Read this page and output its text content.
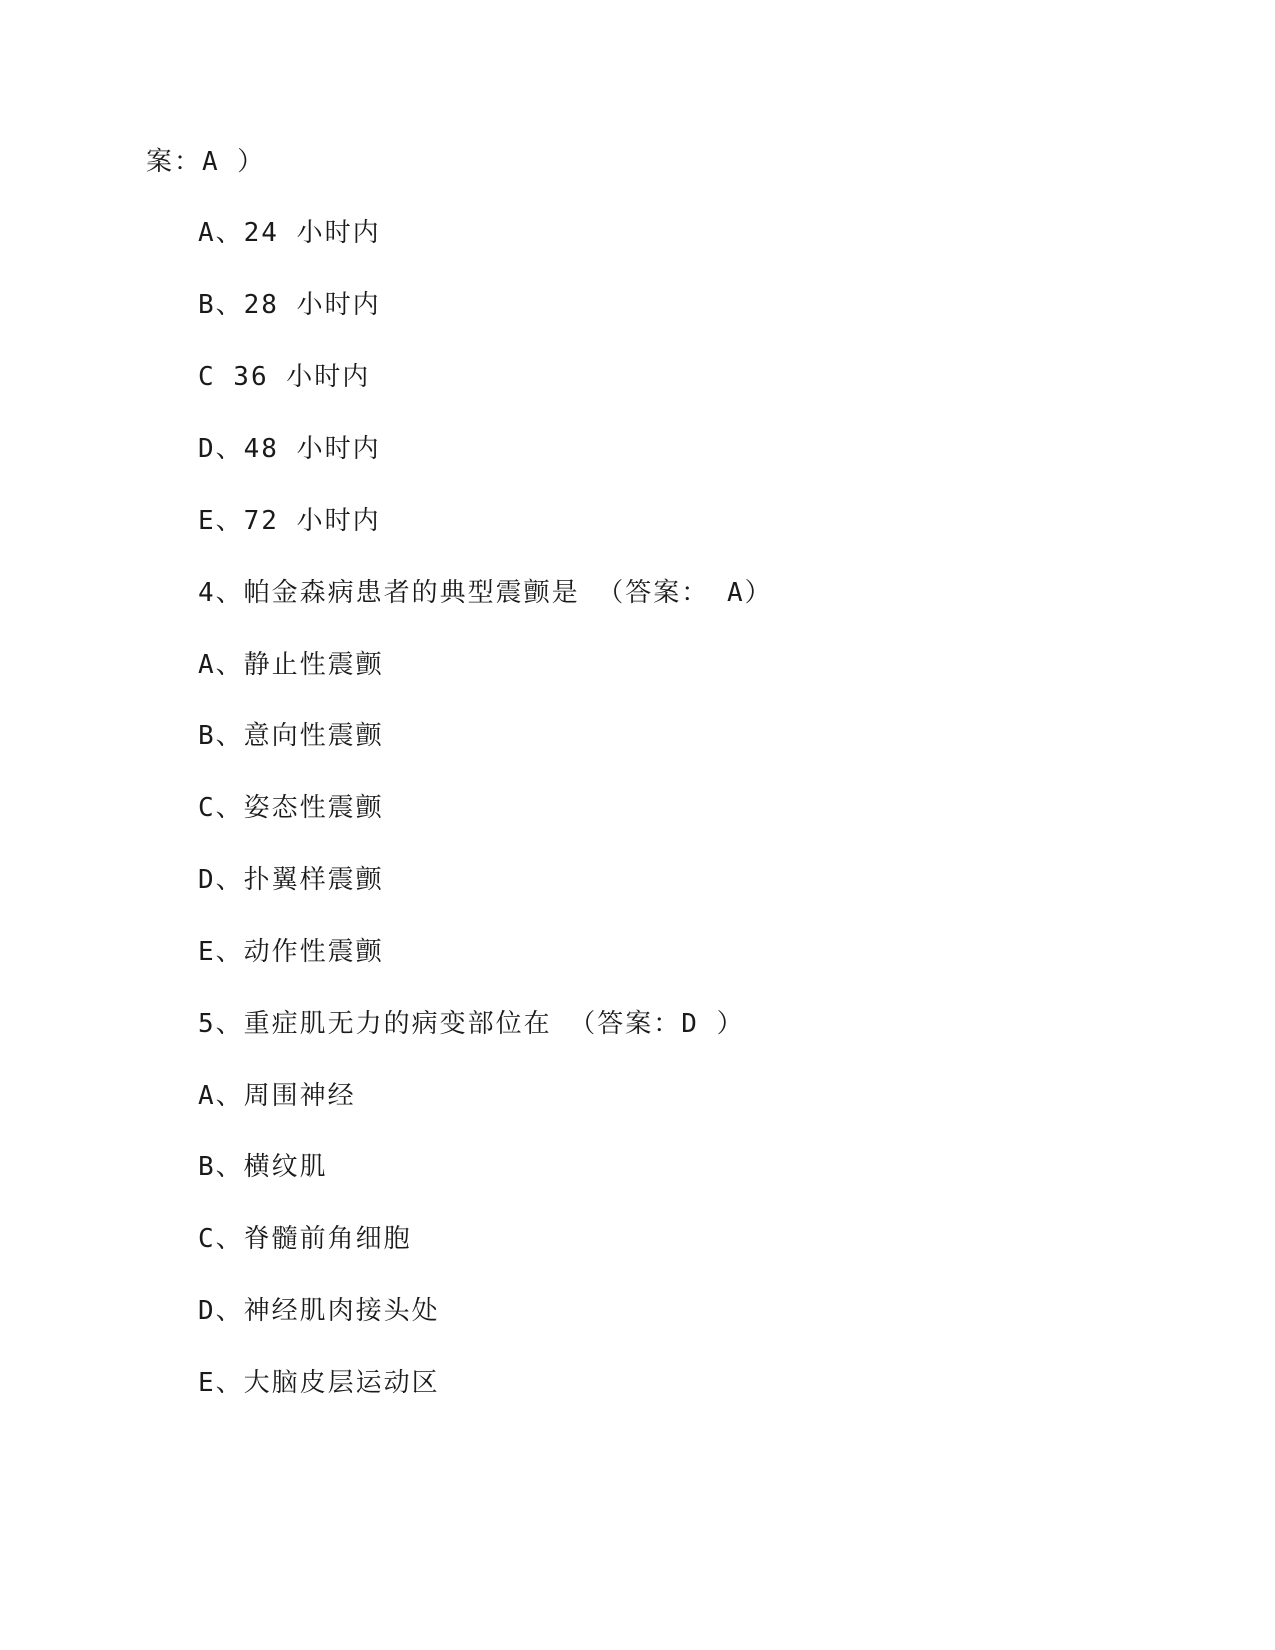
案：A ）
A、24 小时内
B、28 小时内
C 36 小时内
D、48 小时内
E、72 小时内
4、帕金森病患者的典型震颤是 （答案： A）
A、静止性震颤
B、意向性震颤
C、姿态性震颤
D、扑翼样震颤
E、动作性震颤
5、重症肌无力的病变部位在 （答案：D ）
A、周围神经
B、横纹肌
C、脊髓前角细胞
D、神经肌肉接头处
E、大脑皮层运动区
